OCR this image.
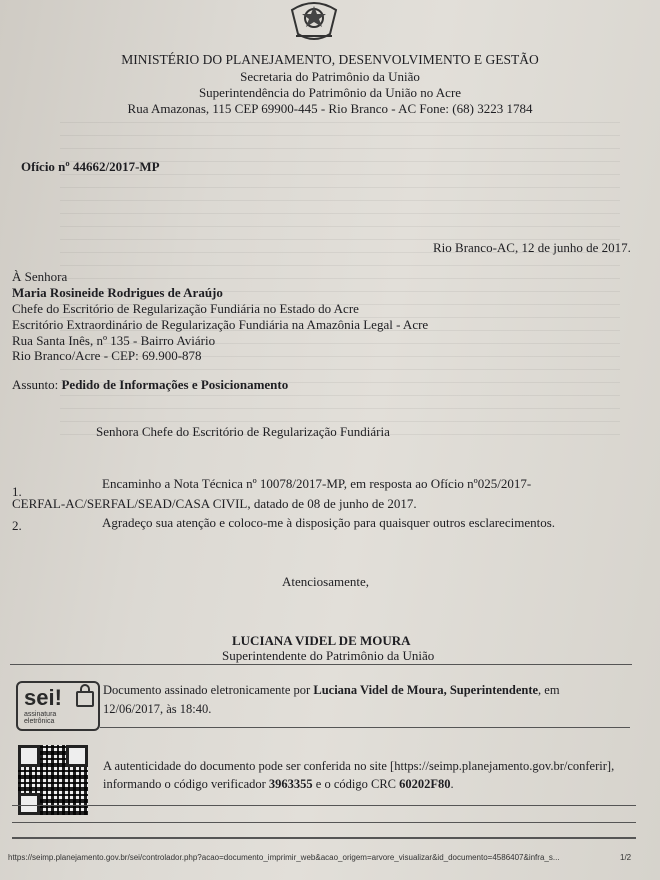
MINISTÉRIO DO PLANEJAMENTO, DESENVOLVIMENTO E GESTÃO
Secretaria do Patrimônio da União
Superintendência do Patrimônio da União no Acre
Rua Amazonas, 115 CEP 69900-445 - Rio Branco - AC Fone: (68) 3223 1784
Ofício nº 44662/2017-MP
Rio Branco-AC, 12 de junho de 2017.
À Senhora
Maria Rosineide Rodrigues de Araújo
Chefe do Escritório de Regularização Fundiária no Estado do Acre
Escritório Extraordinário de Regularização Fundiária na Amazônia Legal - Acre
Rua Santa Inês, nº 135 - Bairro Aviário
Rio Branco/Acre - CEP: 69.900-878
Assunto: Pedido de Informações e Posicionamento
Senhora Chefe do Escritório de Regularização Fundiária
1.
Encaminho a Nota Técnica nº 10078/2017-MP, em resposta ao Ofício nº025/2017-
CERFAL-AC/SERFAL/SEAD/CASA CIVIL, datado de 08 de junho de 2017.
2.	Agradeço sua atenção e coloco-me à disposição para quaisquer outros esclarecimentos.
Atenciosamente,
LUCIANA VIDEL DE MOURA
Superintendente do Patrimônio da União
sei!
assinatura
eletrônica
Documento assinado eletronicamente por Luciana Videl de Moura, Superintendente, em
12/06/2017, às 18:40.
A autenticidade do documento pode ser conferida no site [https://seimp.planejamento.gov.br/conferir],
informando o código verificador 3963355 e o código CRC 60202F80.
https://seimp.planejamento.gov.br/sei/controlador.php?acao=documento_imprimir_web&acao_origem=arvore_visualizar&id_documento=4586407&infra_s...	1/2
